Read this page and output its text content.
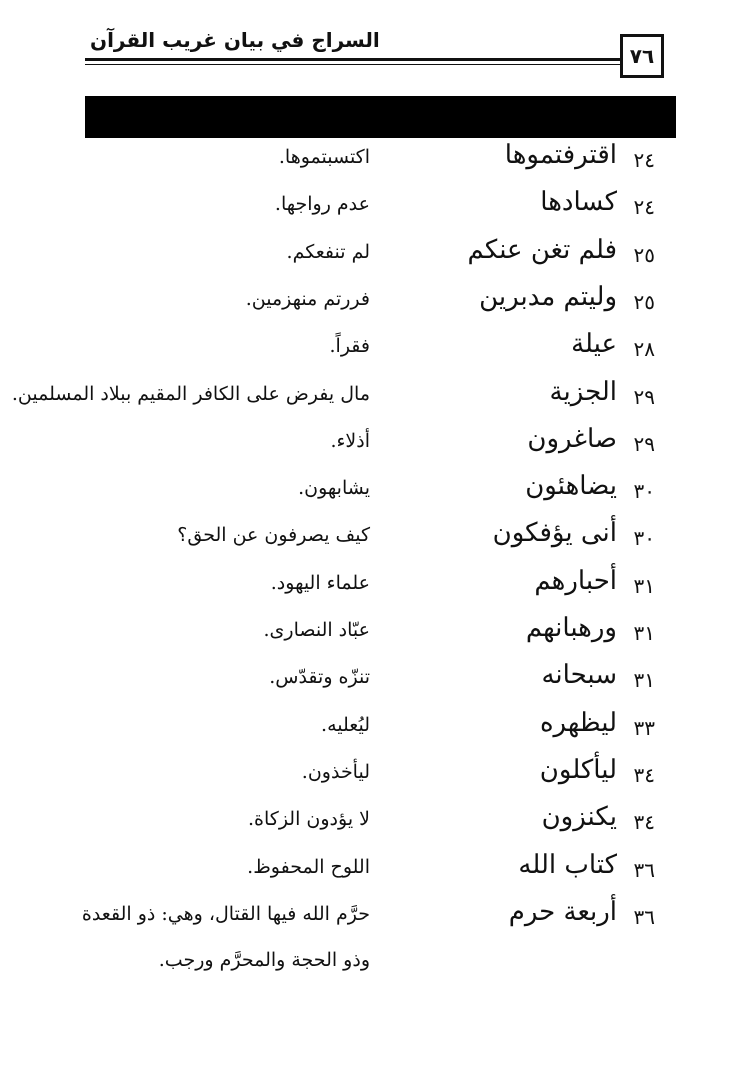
السراج في بيان غريب القرآن
٧٦
٢٤
اقترفتموها
اكتسبتموها.
٢٤
كسادها
عدم رواجها.
٢٥
فلم تغن عنكم
لم تنفعكم.
٢٥
وليتم مدبرين
فررتم منهزمين.
٢٨
عيلة
فقراً.
٢٩
الجزية
مال يفرض على الكافر المقيم ببلاد المسلمين.
٢٩
صاغرون
أذلاء.
٣٠
يضاهئون
يشابهون.
٣٠
أنى يؤفكون
كيف يصرفون عن الحق؟
٣١
أحبارهم
علماء اليهود.
٣١
ورهبانهم
عبّاد النصارى.
٣١
سبحانه
تنزّه وتقدّس.
٣٣
ليظهره
ليُعليه.
٣٤
ليأكلون
ليأخذون.
٣٤
يكنزون
لا يؤدون الزكاة.
٣٦
كتاب الله
اللوح المحفوظ.
٣٦
أربعة حرم
حرَّم الله فيها القتال، وهي: ذو القعدة
وذو الحجة والمحرَّم ورجب.
